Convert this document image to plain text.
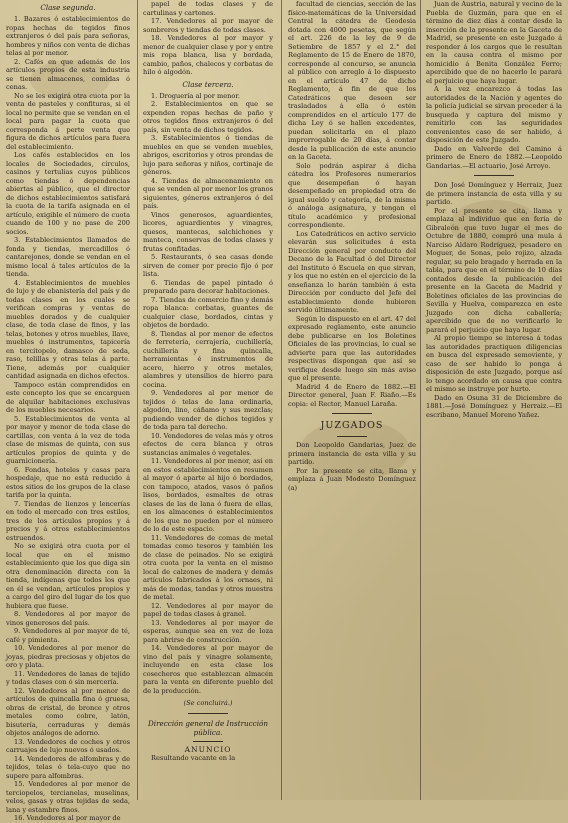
Clase segunda.

1. Bazares ó establecimientos de ropas hechas de tegidos finos extranjeros ó del país para señoras, hombres y niños con venta de dichas telas al por menor.

2. Cafés en que además de los artículos propios de esta industria se tienen almacenes, comidas ó cenas.

No se les exigirá otra cuota por la venta de pasteles y confituras, si el local no permite que se vendan en el local para pagar la cuota que corresponda á perte venta que figura de dichos artículos para fuera del establecimiento.

Los cafés establecidos en los locales de Sociedades, círculos, casinos y tertulias cuyos públicos como tiendas ó dependencias abiertas al público, que el director de dichos establecimientos satisfará la cuota de la tarifa asignada en el artículo, exigible el número de cuota cuando de 100 y no pase de 200 socios.

3. Establecimientos llamados de fonda y tiendas, mercadillos ó cantarejones, donde se vendan en el mismo local á tales artículos de la tienda.

4. Establecimientos de muebles de lujo y de ebanistería del país y de todas clases en los cuales se verifican compras y ventas de muebles dorados y de cualquier clase, de toda clase de finos, y las telas, botones y otros muebles, llave, muebles ó instrumentos, tapicería en tercitopelo, damasco de seda, raso, telillas y otras telas á parte. Tiene, además por cualquier cantidad asignada en dichos efectos.

Tampoco están comprendidos en este concepto los que se encarguen de alquilar habitaciones exclusivas de los muebles necesarios.

5. Establecimientos de venta al por mayor y menor de toda clase de cartillas, con venta á la vez de toda clase de mismas de quinta, con sus artículos propios de quinta y de guarnicionería.

6. Fondas, hoteles y casas para hospedaje, que no está reducido á estos sitios de los grupos de la clase tarifa por la quinta.

7. Tiendas de lienzos y lencerías en todo el mercado con tres estilos, tres de los artículos propios y á precios y á otros establecimientos estruendos.

No se exigirá otra cuota por el local que en el mismo establecimiento que los que diga sin otra denominación directa con la tienda, indígenas que todos los que en él se vendan, artículos propios y a cargo del giro del lugar de los que hubiera que fuese.

8. Vendedores al por mayor de vinos generosos del país.

9. Vendedores al por mayor de té, café y pimienta.

10. Vendedores al por menor de joyas, piedras preciosas y objetos de oro y plata.

11. Vendedores de lanas de tejido y todas clases con ó sin mercería.

12. Vendedores al por menor de artículos de quincalla fina ó gruesa, obras de cristal, de bronce y otros metales como cobre, latón, bisutería, cerraduras y demás objetos análogos de adorno.

13. Vendedores de coches y otros carruajes de lujo nuevos ó usados.

14. Vendedores de alfombras y de tejidos, telas ó tela-cuyo que no supere para alfombras.

15. Vendedores al por menor de terciopelos, tercianelas, muselinas, velos, gasas y otras tejidas de seda, lana y estambre finos.

16. Vendedores al por mayor de

papel de todas clases y de cartulinas y cartones.

17. Vendedores al por mayor de sombreros y tiendas de todas clases.

18. Vendedores al por mayor y menor de cualquier clase y por y entre mis ropa blanca, lisa y bordada, cambio, paños, chalecos y corbatas de hilo ó algodón.

Clase tercera.

1. Droguería al por menor.

2. Establecimientos en que se expenden ropas hechas de paño y otros tegidos finos extranjeros ó del país, sin venta de dichos tegidos.

3. Establecimientos ó tiendas de muebles en que se venden muebles, abrigos, escritorios y otros prendas de lujo para señoras y niños, cortinaje de géneros.

4. Tiendas de almacenamiento en que se venden al por menor los granos siguientes, géneros extranjeros ó del país.

Vinos generosos, aguardientes, licores, aguardientes y vinagres, quesos, mantecas, salchichones y manteca, conservas de todas clases y frutas confitadas.

5. Restaurants, ó sea casas donde sirven de comer por precio fijo ó por lista.

6. Tiendas de papel pintado ó preparado para decorar habitaciones.

7. Tiendas de comercio fino y demás ropa blanca: corbatas, guantes de cualquier clase, bordados, cintas y objetos de bordado.

8. Tiendas al por menor de efectos de ferretería, cerrajería, cuchillería, cuchillería y fina quincalla, herramientas é instrumentos de acero, hierro y otros metales, alambres y utensilios de hierro para cocina.

9. Vendedores al por menor de tejidos ó telas de lana ordinaria, algodón, lino, cáñamo y sus mezclas; pudiendo vender de dichos tegidos y de toda para tal derecho.

10. Vendedores de velas más y otros efectos de cera blanca y otras sustancias animales ó vegetales.

11. Vendedores al por menor, así en en estos establecimientos en resumen al mayor ó aparte al hijo ó bordados, con tampoco, atados, vasos ó paños lisos, bordados, esmaltes de otras clases de las de lana ó fuera de ellas, en los almacenes ó establecimientos de los que no pueden por el número de lo de este espacio.

11. Vendedores de comas de metal tomadas como tesoros y también los de clase de peinados. No se exigirá otra cuota por la venta en el mismo local de calzones de madera y demás artículos fabricados á los ornaes, ni más de modas, tandas y otros muestra de metal.

12. Vendedores al por mayor de papel de todas clases á granel.

13. Vendedores al por mayor de esperas, aunque sea en vez de loza para abrirse de construcción.

14. Vendedores al por mayor de vino del país y vinagre solamente, incluyendo en esta clase los cosecheros que establezcan almacén para la venta en diferente pueblo del de la producción.

(Se concluirá.)
Dirección general de Instrucción pública.
ANUNCIO

Resultando vacante en la

facultad de ciencias, sección de las físico-matemáticas de la Universidad Central la cátedra de Geodesia dotada con 4000 pesetas, que según el art. 226 de la ley de 9 de Setiembre de 1857 y el 2.° del Reglamento de 15 de Enero de 1870, corresponde al concurso, se anuncia al público con arreglo á lo dispuesto en el artículo 47 de dicho Reglamento, á fin de que los Catedráticos que deseen ser trasladados á ella ó estén comprendidos en el artículo 177 de dicha Ley ó se hallen excedentes, puedan solicitarla en el plazo improrrogable de 20 días, á contar desde la publicación de este anuncio en la Gaceta.

Solo podrán aspirar á dicha cátedra los Profesores numerarios que desempeñan ó hayan desempeñado en propiedad otra de igual sueldo y categoría, de la misma ó análoga asignatura, y tengan el título académico y profesional correspondiente.

Los Catedráticos en activo servicio elevarán sus solicitudes á esta Dirección general por conducto del Decano de la Facultad ó del Director del Instituto ó Escuela en que sirvan, y los que no estén en el ejercicio de la enseñanza lo harán también á esta Dirección por conducto del Jefe del establecimiento donde hubieren servido últimamente.

Según lo dispuesto en el art. 47 del expresado reglamento, este anuncio debe publicarse en los Boletines Oficiales de las provincias, lo cual se advierte para que las autoridades respectivas dispongan que así se verifique desde luego sin más aviso que el presente.

Madrid 4 de Enero de 1882.—El Director general, Juan F. Riaño.—Es copia: el Rector, Manuel Laraña.

JUZGADOS

Don Leopoldo Gandarias, Juez de primera instancia de esta villa y su partido.

Por la presente se cita, llama y emplaza á Juan Modesto Domínguez (a)

Juan de Austria, natural y vecino de la Puebla de Guzmán, para que en el término de diez días á contar desde la inserción de la presente en la Gaceta de Madrid, se presente en este Juzgado á responder á los cargos que le resultan en la causa contra el mismo por homicidio á Benita González Ferro; apercibido que de no hacerlo le parará el perjuicio que haya lugar.

A la vez encarezco á todas las autoridades de la Nación y agentes de la policía judicial se sirvan proceder á la busqueda y captura del mismo y remitirlo con las seguridades convenientes caso de ser habido, á disposición de este Juzgado.

Dado en Valverde del Camino á primero de Enero de 1882.—Leopoldo Gandarias.—El actuario, José Arroyo.

Don José Domínguez y Herraiz, Juez de primera instancia de esta villa y su partido.

Por el presente se cita, llama y emplaza al individuo que en feria de Gibraleón que tuvo lugar el mes de Octubre de 1880, compró una mula á Narciso Aldaro Rodríguez, pesadero en Moguer, de Sonas, pelo rojizo, alzada regular, su pelo bragado y herrada en la tabla, para que en el término de 10 días contados desde la publicación del presente en la Gaceta de Madrid y Boletines oficiales de las provincias de Sevilla y Huelva, comparezca en este Juzgado con dicha caballería; apercibido que de no verificarlo le parará el perjuicio que haya lugar.

Al propio tiempo se interesa á todas las autoridades practiquen diligencias en busca del expresado semoviente, y caso de ser habido lo ponga á disposición de este Juzgado, porque así lo tengo acordado en causa que contra el mismo se instruye por hurto.

Dado en Osuna 31 de Diciembre de 1881.—José Domínguez y Herraiz.—El escribano, Manuel Moreno Yañez.
